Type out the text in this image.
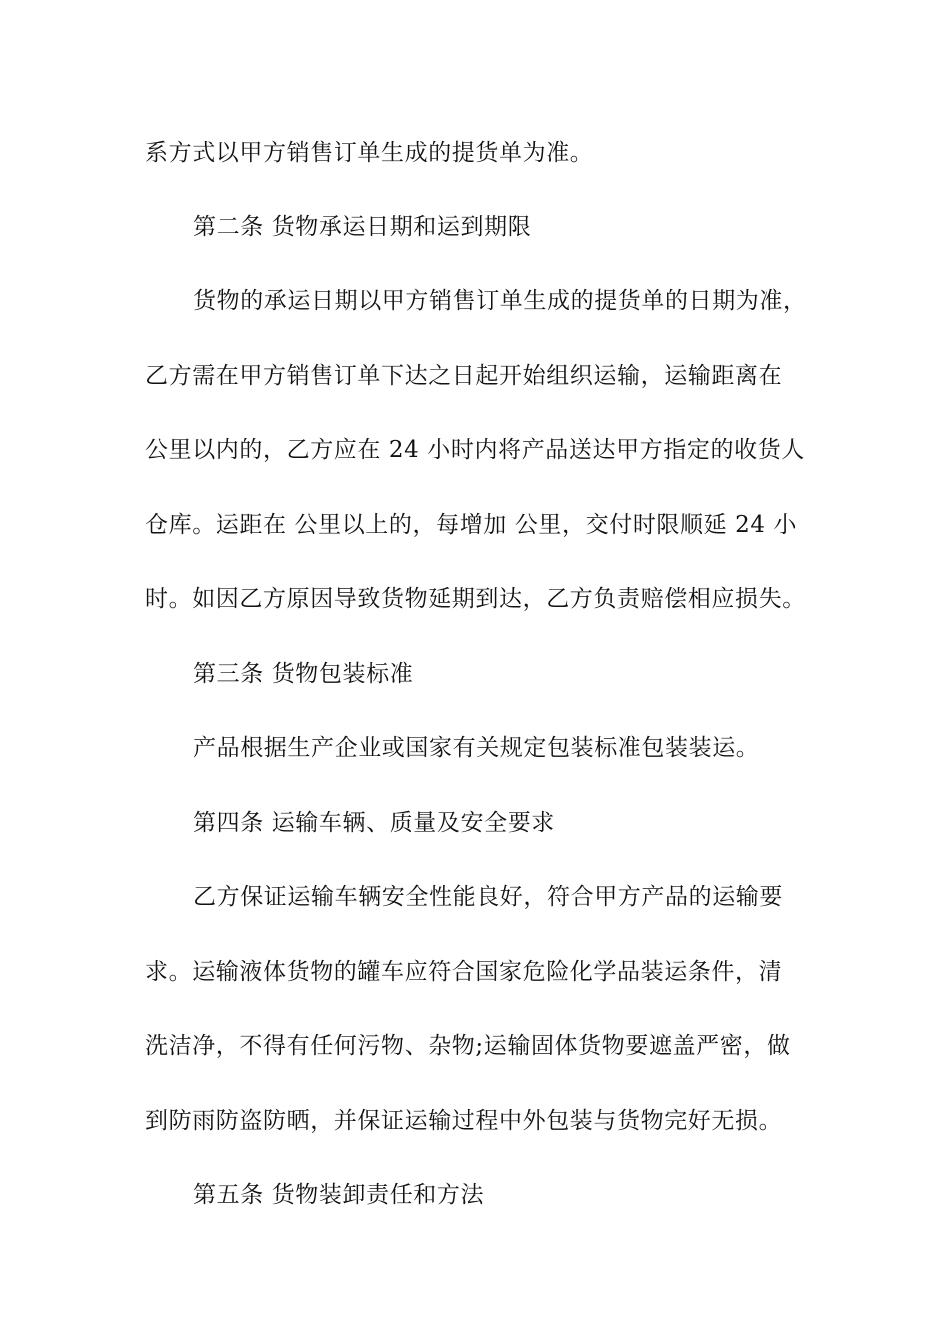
系方式以甲方销售订单生成的提货单为准。
第二条 货物承运日期和运到期限
货物的承运日期以甲方销售订单生成的提货单的日期为准，
乙方需在甲方销售订单下达之日起开始组织运输，运输距离在
公里以内的，乙方应在 24 小时内将产品送达甲方指定的收货人
仓库。运距在 公里以上的，每增加 公里，交付时限顺延 24 小
时。如因乙方原因导致货物延期到达，乙方负责赔偿相应损失。
第三条 货物包装标准
产品根据生产企业或国家有关规定包装标准包装装运。
第四条 运输车辆、质量及安全要求
乙方保证运输车辆安全性能良好，符合甲方产品的运输要
求。运输液体货物的罐车应符合国家危险化学品装运条件，清
洗洁净，不得有任何污物、杂物;运输固体货物要遮盖严密，做
到防雨防盗防晒，并保证运输过程中外包装与货物完好无损。
第五条 货物装卸责任和方法
